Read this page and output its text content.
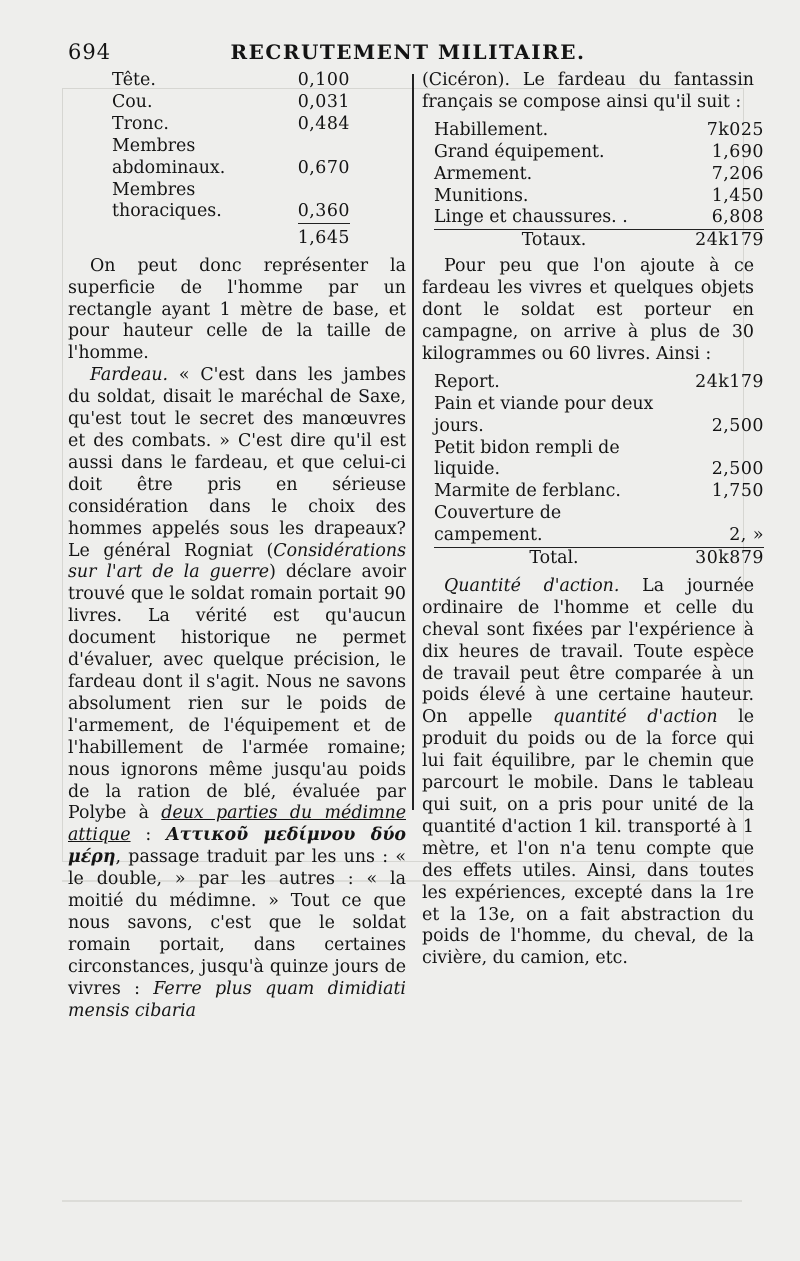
694	RECRUTEMENT MILITAIRE.
Tête.	0,100
Cou.	0,031
Tronc.	0,484
Membres abdominaux.	0,670
Membres thoraciques.	0,360
	1,645

On peut donc représenter la superficie de l'homme par un rectangle ayant 1 mètre de base, et pour hauteur celle de la taille de l'homme.

Fardeau. « C'est dans les jambes du soldat, disait le maréchal de Saxe, qu'est tout le secret des manœuvres et des combats. » C'est dire qu'il est aussi dans le fardeau, et que celui-ci doit être pris en sérieuse considération dans le choix des hommes appelés sous les drapeaux? Le général Rogniat (Considérations sur l'art de la guerre) déclare avoir trouvé que le soldat romain portait 90 livres. La vérité est qu'aucun document historique ne permet d'évaluer, avec quelque précision, le fardeau dont il s'agit. Nous ne savons absolument rien sur le poids de l'armement, de l'équipement et de l'habillement de l'armée romaine; nous ignorons même jusqu'au poids de la ration de blé, évaluée par Polybe à deux parties du médimne attique : Αττικοῦ μεδίμνου δύο μέρη, passage traduit par les uns : « le double, » par les autres : « la moitié du médimne. » Tout ce que nous savons, c'est que le soldat romain portait, dans certaines circonstances, jusqu'à quinze jours de vivres : Ferre plus quam dimidiati mensis cibaria

(Cicéron). Le fardeau du fantassin français se compose ainsi qu'il suit :

Habillement.	7k025
Grand équipement.	1,690
Armement.	7,206
Munitions.	1,450
Linge et chaussures. .	6,808
Totaux.	24k179

Pour peu que l'on ajoute à ce fardeau les vivres et quelques objets dont le soldat est porteur en campagne, on arrive à plus de 30 kilogrammes ou 60 livres. Ainsi :

Report.	24k179
Pain et viande pour deux jours.	2,500
Petit bidon rempli de liquide.	2,500
Marmite de ferblanc.	1,750
Couverture de campement.	2, »
Total.	30k879

Quantité d'action. La journée ordinaire de l'homme et celle du cheval sont fixées par l'expérience à dix heures de travail. Toute espèce de travail peut être comparée à un poids élevé à une certaine hauteur. On appelle quantité d'action le produit du poids ou de la force qui lui fait équilibre, par le chemin que parcourt le mobile. Dans le tableau qui suit, on a pris pour unité de la quantité d'action 1 kil. transporté à 1 mètre, et l'on n'a tenu compte que des effets utiles. Ainsi, dans toutes les expériences, excepté dans la 1re et la 13e, on a fait abstraction du poids de l'homme, du cheval, de la civière, du camion, etc.
